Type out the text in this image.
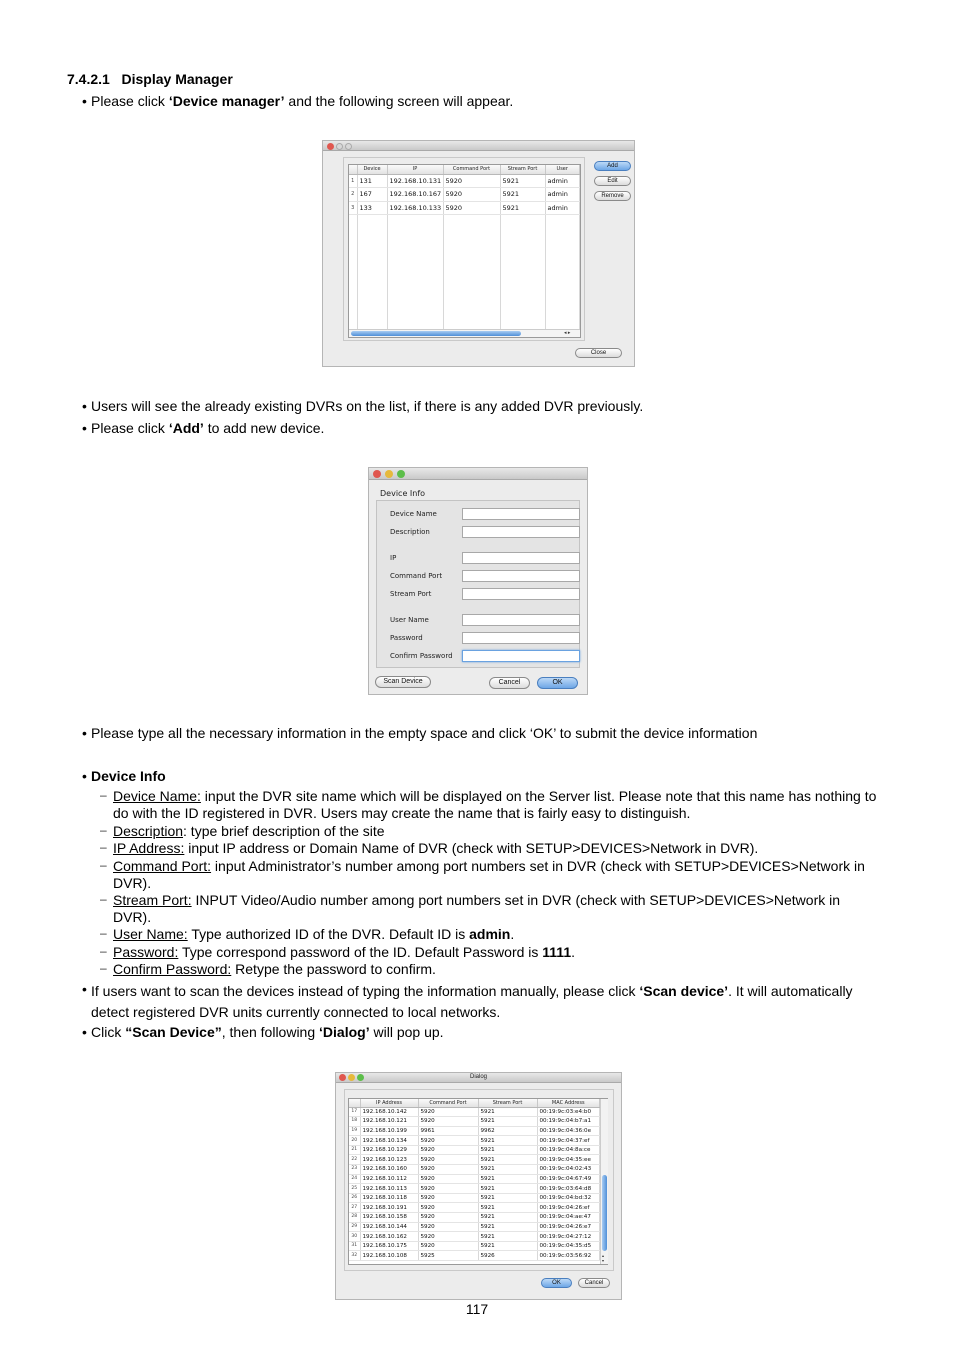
7.4.2.1 Display Manager
• Please click ‘Device manager’ and the following screen will appear.
	Device	IP	Command Port	Stream Port	User
1	131	192.168.10.131	5920	5921	admin
2	167	192.168.10.167	5920	5921	admin
3	133	192.168.10.133	5920	5921	admin

◂ ▸
Add
Edit
Remove
Close
• Users will see the already existing DVRs on the list, if there is any added DVR previously.
• Please click ‘Add’ to add new device.
Device Info
Device Name
Description
IP
Command Port
Stream Port
User Name
Password
Confirm Password
Scan Device	Cancel	OK
• Please type all the necessary information in the empty space and click ‘OK’ to submit the device information
• Device Info
– Device Name: input the DVR site name which will be displayed on the Server list. Please note that this name has nothing to do with the ID registered in DVR. Users may create the name that is fairly easy to distinguish.
– Description: type brief description of the site
– IP Address: input IP address or Domain Name of DVR (check with SETUP>DEVICES>Network in DVR).
– Command Port: input Administrator’s number among port numbers set in DVR (check with SETUP>DEVICES>Network in DVR).
– Stream Port: INPUT Video/Audio number among port numbers set in DVR (check with SETUP>DEVICES>Network in DVR).
– User Name: Type authorized ID of the DVR. Default ID is admin.
– Password: Type correspond password of the ID. Default Password is 1111.
– Confirm Password: Retype the password to confirm.
• If users want to scan the devices instead of typing the information manually, please click ‘Scan device’. It will automatically detect registered DVR units currently connected to local networks.
• Click “Scan Device”, then following ‘Dialog’ will pop up.
Dialog
	IP Address	Command Port	Stream Port	MAC Address
17	192.168.10.142	5920	5921	00:19:9c:03:e4:b0
18	192.168.10.121	5920	5921	00:19:9c:04:b7:a1
19	192.168.10.199	9961	9962	00:19:9c:04:36:0e
20	192.168.10.134	5920	5921	00:19:9c:04:37:ef
21	192.168.10.129	5920	5921	00:19:9c:04:8a:ce
22	192.168.10.123	5920	5921	00:19:9c:04:35:ee
23	192.168.10.160	5920	5921	00:19:9c:04:02:43
24	192.168.10.112	5920	5921	00:19:9c:04:67:49
25	192.168.10.113	5920	5921	00:19:9c:03:64:d8
26	192.168.10.118	5920	5921	00:19:9c:04:bd:32
27	192.168.10.191	5920	5921	00:19:9c:04:26:ef
28	192.168.10.158	5920	5921	00:19:9c:04:ae:47
29	192.168.10.144	5920	5921	00:19:9c:04:26:e7
30	192.168.10.162	5920	5921	00:19:9c:04:27:12
31	192.168.10.175	5920	5921	00:19:9c:04:35:d5
32	192.168.10.108	5925	5926	00:19:9c:03:56:92	▴
▾
OK	Cancel
117
